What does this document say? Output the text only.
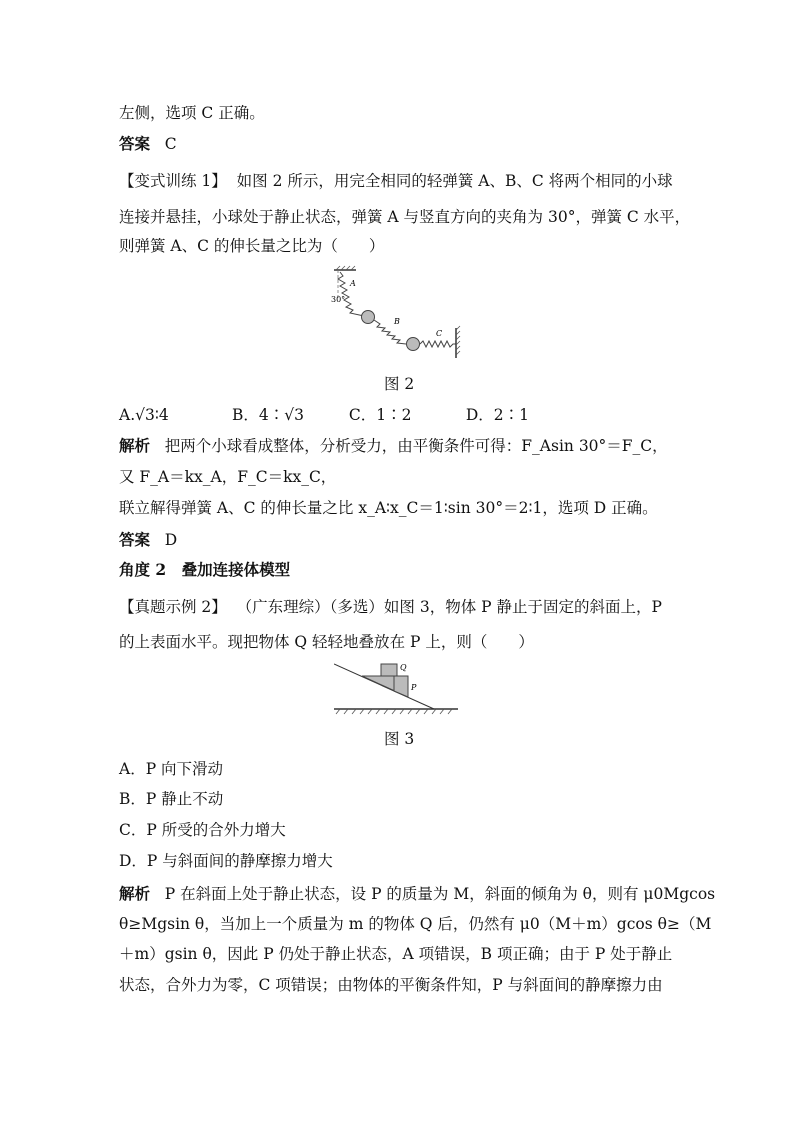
左侧，选项 C 正确。
答案 C
【变式训练 1】 如图 2 所示，用完全相同的轻弹簧 A、B、C 将两个相同的小球
连接并悬挂，小球处于静止状态，弹簧 A 与竖直方向的夹角为 30°，弹簧 C 水平，
则弹簧 A、C 的伸长量之比为（　　）
A
30°
B
C
图 2
A.√3∶4	B．4∶√3	C．1∶2	D．2∶1
解析 把两个小球看成整体，分析受力，由平衡条件可得：F_Asin 30°＝F_C，
又 F_A＝kx_A，F_C＝kx_C，
联立解得弹簧 A、C 的伸长量之比 x_A∶x_C＝1∶sin 30°＝2∶1，选项 D 正确。
答案 D
角度 2　叠加连接体模型
【真题示例 2】 （广东理综）（多选）如图 3，物体 P 静止于固定的斜面上，P
的上表面水平。现把物体 Q 轻轻地叠放在 P 上，则（　　）
Q
P
图 3
A．P 向下滑动
B．P 静止不动
C．P 所受的合外力增大
D．P 与斜面间的静摩擦力增大
解析 P 在斜面上处于静止状态，设 P 的质量为 M，斜面的倾角为 θ，则有 μ0Mgcos
θ≥Mgsin θ，当加上一个质量为 m 的物体 Q 后，仍然有 μ0（M＋m）gcos θ≥（M
＋m）gsin θ，因此 P 仍处于静止状态，A 项错误，B 项正确；由于 P 处于静止
状态，合外力为零，C 项错误；由物体的平衡条件知，P 与斜面间的静摩擦力由
